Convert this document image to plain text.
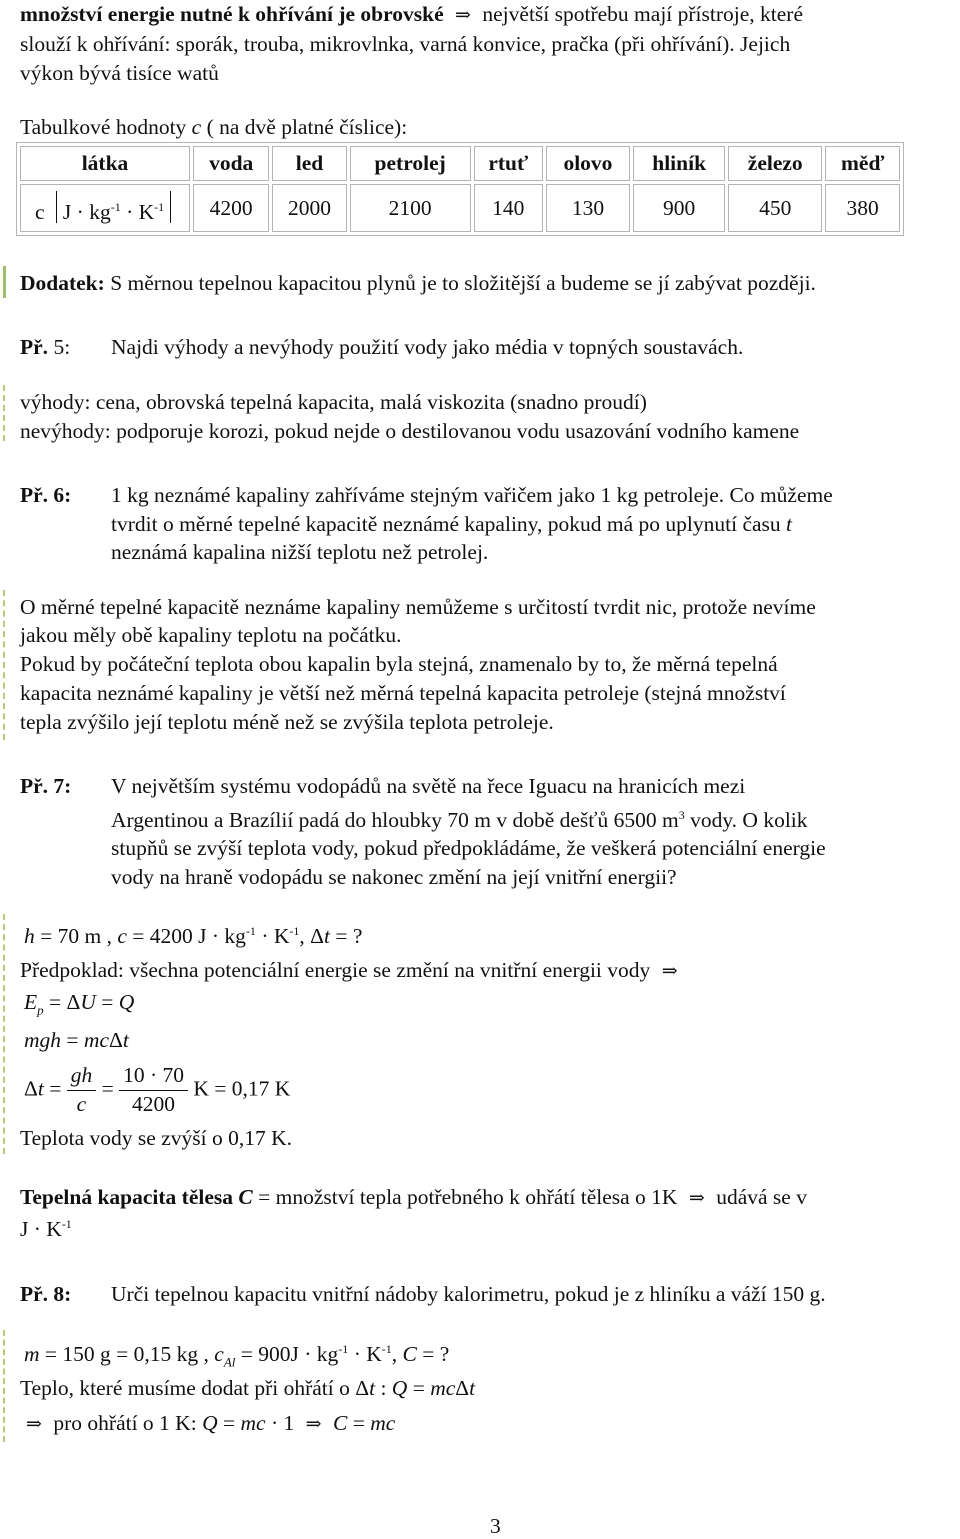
množství energie nutné k ohřívání je obrovské ⇒ největší spotřebu mají přístroje, které
slouží k ohřívání: sporák, trouba, mikrovlnka, varná konvice, pračka (při ohřívání). Jejich
výkon bývá tisíce watů
Tabulkové hodnoty c ( na dvě platné číslice):
látka	voda	led	petrolej	rtuť	olovo	hliník	železo	měď
c $J \cdot kg^{-1} \cdot K^{-1}$	4200	2000	2100	140	130	900	450	380
Dodatek: S měrnou tepelnou kapacitou plynů je to složitější a budeme se jí zabývat později.
Př. 5: Najdi výhody a nevýhody použití vody jako média v topných soustavách.
výhody: cena, obrovská tepelná kapacita, malá viskozita (snadno proudí)
nevýhody: podporuje korozi, pokud nejde o destilovanou vodu usazování vodního kamene
Př. 6: 1 kg neznámé kapaliny zahříváme stejným vařičem jako 1 kg petroleje. Co můžeme
tvrdit o měrné tepelné kapacitě neznámé kapaliny, pokud má po uplynutí času t
neznámá kapalina nižší teplotu než petrolej.
O měrné tepelné kapacitě neznáme kapaliny nemůžeme s určitostí tvrdit nic, protože nevíme
jakou měly obě kapaliny teplotu na počátku.
Pokud by počáteční teplota obou kapalin byla stejná, znamenalo by to, že měrná tepelná
kapacita neznámé kapaliny je větší než měrná tepelná kapacita petroleje (stejná množství
tepla zvýšilo její teplotu méně než se zvýšila teplota petroleje.
Př. 7: V největším systému vodopádů na světě na řece Iguacu na hranicích mezi
Argentinou a Brazílií padá do hloubky 70 m v době dešťů 6500 $m^3$ vody. O kolik
stupňů se zvýší teplota vody, pokud předpokládáme, že veškerá potenciální energie
vody na hraně vodopádu se nakonec změní na její vnitřní energii?
h = 70 m , c = 4200 $J \cdot kg^{-1} \cdot K^{-1}$, Δt = ?
Předpoklad: všechna potenciální energie se změní na vnitřní energii vody ⇒
$E_p = \Delta U = Q$
mgh = mcΔt
$\Delta t = \frac{gh}{c} = \frac{10 \cdot 70}{4200}$ K = 0,17 K
Teplota vody se zvýší o 0,17 K.
Tepelná kapacita tělesa C = množství tepla potřebného k ohřátí tělesa o 1K ⇒ udává se v
$J \cdot K^{-1}$
Př. 8: Urči tepelnou kapacitu vnitřní nádoby kalorimetru, pokud je z hliníku a váží 150 g.
m = 150 g = 0,15 kg , $c_{Al} = 900J \cdot kg^{-1} \cdot K^{-1}$, C = ?
Teplo, které musíme dodat při ohřátí o Δt : Q = mcΔt
⇒ pro ohřátí o 1 K: Q = mc · 1 ⇒ C = mc
3
